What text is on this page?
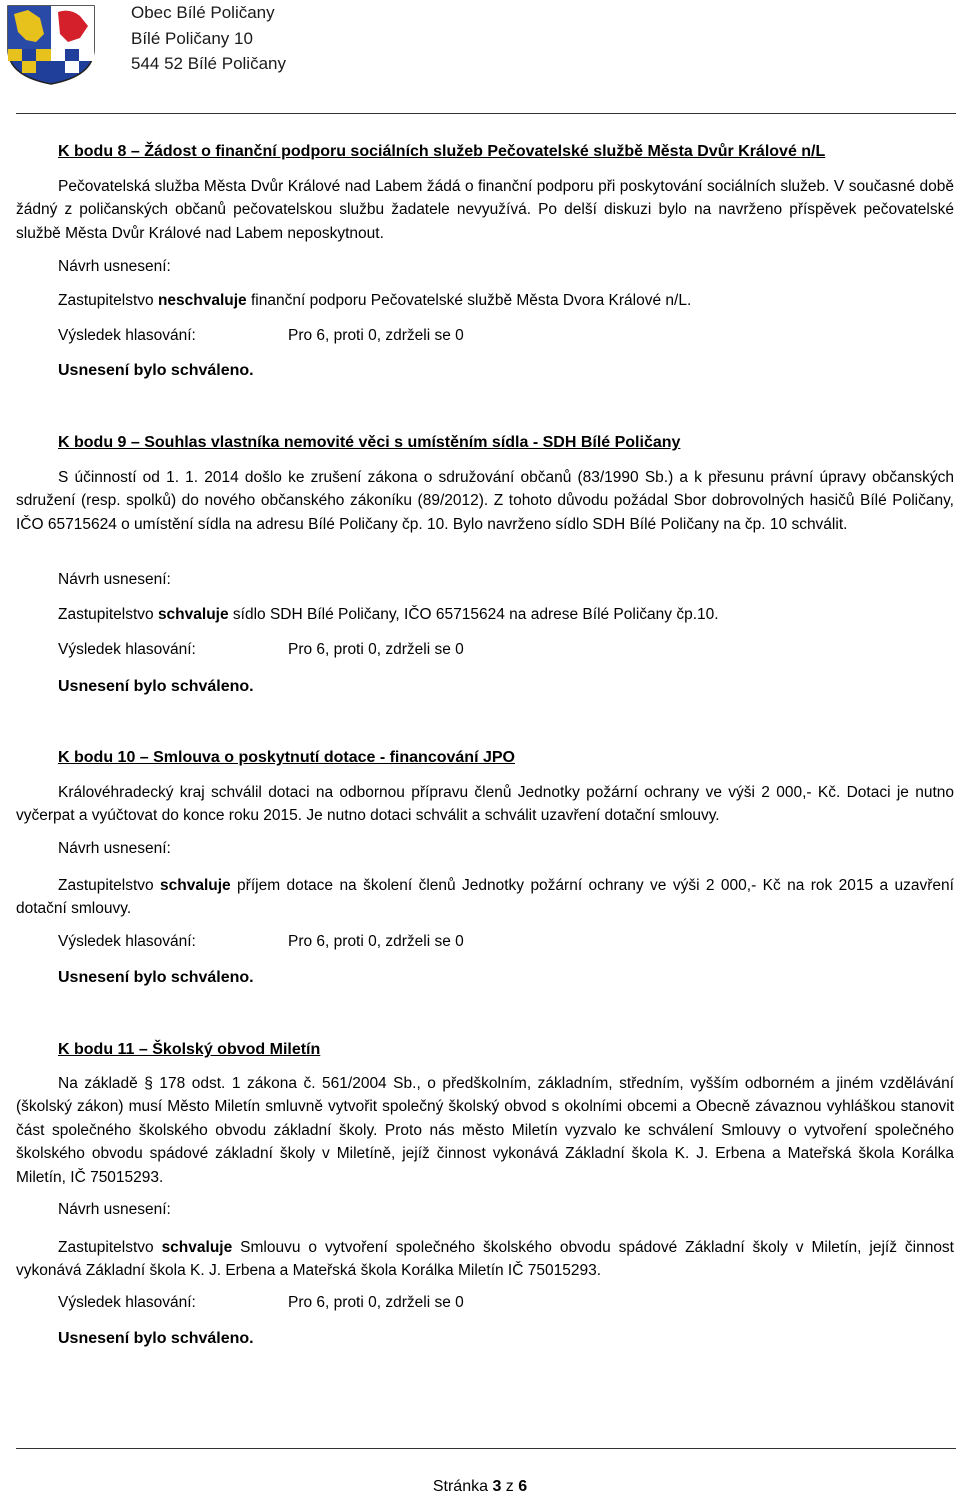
Obec Bílé Poličany
Bílé Poličany 10
544 52 Bílé Poličany
K bodu 8 – Žádost o finanční podporu sociálních služeb Pečovatelské službě Města Dvůr Králové n/L
Pečovatelská služba Města Dvůr Králové nad Labem žádá o finanční podporu při poskytování sociálních služeb. V současné době žádný z poličanských občanů pečovatelskou službu žadatele nevyužívá. Po delší diskuzi bylo na navrženo příspěvek pečovatelské službě Města Dvůr Králové nad Labem neposkytnout.
Návrh usnesení:
Zastupitelstvo neschvaluje finanční podporu Pečovatelské službě Města Dvora Králové n/L.
Výsledek hlasování:	Pro 6, proti 0, zdrželi se 0
Usnesení bylo schváleno.
K bodu 9 – Souhlas vlastníka nemovité věci s umístěním sídla - SDH Bílé Poličany
S účinností od 1. 1. 2014 došlo ke zrušení zákona o sdružování občanů (83/1990 Sb.) a k přesunu právní úpravy občanských sdružení (resp. spolků) do nového občanského zákoníku (89/2012). Z tohoto důvodu požádal Sbor dobrovolných hasičů Bílé Poličany, IČO 65715624 o umístění sídla na adresu Bílé Poličany čp. 10. Bylo navrženo sídlo SDH Bílé Poličany na čp. 10 schválit.
Návrh usnesení:
Zastupitelstvo schvaluje sídlo SDH Bílé Poličany, IČO 65715624 na adrese Bílé Poličany čp.10.
Výsledek hlasování:	Pro 6, proti 0, zdrželi se 0
Usnesení bylo schváleno.
K bodu 10 – Smlouva o poskytnutí dotace - financování JPO
Královéhradecký kraj schválil dotaci na odbornou přípravu členů Jednotky požární ochrany ve výši 2 000,- Kč. Dotaci je nutno vyčerpat a vyúčtovat do konce roku 2015. Je nutno dotaci schválit a schválit uzavření dotační smlouvy.
Návrh usnesení:
Zastupitelstvo schvaluje příjem dotace na školení členů Jednotky požární ochrany ve výši 2 000,- Kč na rok 2015 a uzavření dotační smlouvy.
Výsledek hlasování:	Pro 6, proti 0, zdrželi se 0
Usnesení bylo schváleno.
K bodu 11 – Školský obvod Miletín
Na základě § 178 odst. 1 zákona č. 561/2004 Sb., o předškolním, základním, středním, vyšším odborném a jiném vzdělávání (školský zákon) musí Město Miletín smluvně vytvořit společný školský obvod s okolními obcemi a Obecně závaznou vyhláškou stanovit část společného školského obvodu základní školy. Proto nás město Miletín vyzvalo ke schválení Smlouvy o vytvoření společného školského obvodu spádové základní školy v Miletíně, jejíž činnost vykonává Základní škola K. J. Erbena a Mateřská škola Korálka Miletín, IČ 75015293.
Návrh usnesení:
Zastupitelstvo schvaluje Smlouvu o vytvoření společného školského obvodu spádové Základní školy v Miletín, jejíž činnost vykonává Základní škola K. J. Erbena a Mateřská škola Korálka Miletín IČ 75015293.
Výsledek hlasování:	Pro 6, proti 0, zdrželi se 0
Usnesení bylo schváleno.
Stránka 3 z 6
